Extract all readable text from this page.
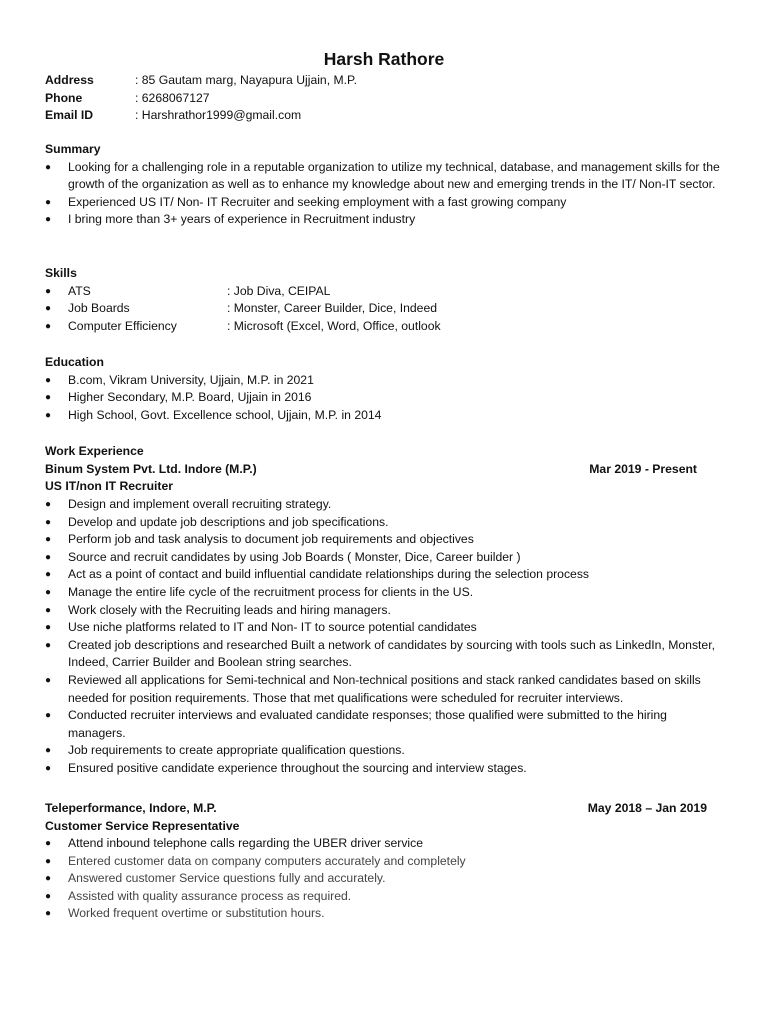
Harsh Rathore
Address	: 85 Gautam marg, Nayapura Ujjain, M.P.
Phone	: 6268067127
Email ID	: Harshrathor1999@gmail.com
Summary
●	Looking for a challenging role in a reputable organization to utilize my technical, database, and management skills for the growth of the organization as well as to enhance my knowledge about new and emerging trends in the IT/ Non-IT sector.
●	Experienced US IT/ Non- IT Recruiter and seeking employment with a fast growing company
●	I bring more than 3+ years of experience in Recruitment industry
Skills
●	ATS	: Job Diva, CEIPAL
●	Job Boards	: Monster, Career Builder, Dice, Indeed
●	Computer Efficiency	: Microsoft (Excel, Word, Office, outlook
Education
●	B.com, Vikram University, Ujjain, M.P. in 2021
●	Higher Secondary, M.P. Board, Ujjain in 2016
●	High School, Govt. Excellence school, Ujjain, M.P. in 2014
Work Experience
Binum System Pvt. Ltd. Indore (M.P.)	Mar 2019 - Present
US IT/non IT Recruiter
●	Design and implement overall recruiting strategy.
●	Develop and update job descriptions and job specifications.
●	Perform job and task analysis to document job requirements and objectives
●	Source and recruit candidates by using Job Boards ( Monster, Dice, Career builder )
●	Act as a point of contact and build influential candidate relationships during the selection process
●	Manage the entire life cycle of the recruitment process for clients in the US.
●	Work closely with the Recruiting leads and hiring managers.
●	Use niche platforms related to IT and Non- IT to source potential candidates
●	Created job descriptions and researched Built a network of candidates by sourcing with tools such as LinkedIn, Monster, Indeed, Carrier Builder and Boolean string searches.
●	Reviewed all applications for Semi-technical and Non-technical positions and stack ranked candidates based on skills needed for position requirements. Those that met qualifications were scheduled for recruiter interviews.
●	Conducted recruiter interviews and evaluated candidate responses; those qualified were submitted to the hiring managers.
●	Job requirements to create appropriate qualification questions.
●	Ensured positive candidate experience throughout the sourcing and interview stages.
Teleperformance, Indore, M.P.	May 2018 – Jan 2019
Customer Service Representative
●	Attend inbound telephone calls regarding the UBER driver service
●	Entered customer data on company computers accurately and completely
●	Answered customer Service questions fully and accurately.
●	Assisted with quality assurance process as required.
●	Worked frequent overtime or substitution hours.
